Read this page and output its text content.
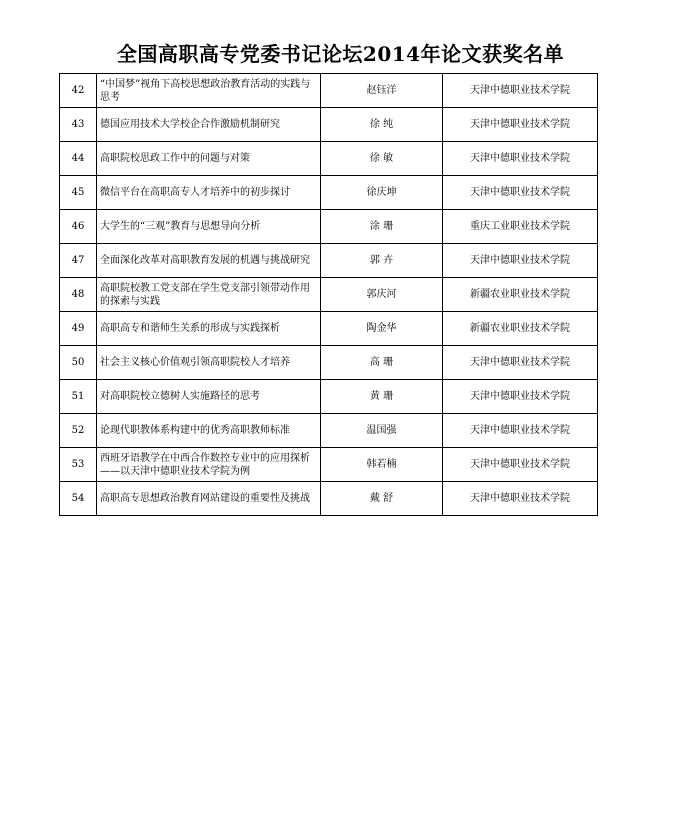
全国高职高专党委书记论坛2014年论文获奖名单
42	“中国梦”视角下高校思想政治教育活动的实践与思考	赵钰洋	天津中德职业技术学院
43	德国应用技术大学校企合作激励机制研究	徐 纯	天津中德职业技术学院
44	高职院校思政工作中的问题与对策	徐 敏	天津中德职业技术学院
45	微信平台在高职高专人才培养中的初步探讨	徐庆坤	天津中德职业技术学院
46	大学生的“三观”教育与思想导向分析	涂 珊	重庆工业职业技术学院
47	全面深化改革对高职教育发展的机遇与挑战研究	郭 卉	天津中德职业技术学院
48	高职院校教工党支部在学生党支部引领带动作用的探索与实践	郭庆河	新疆农业职业技术学院
49	高职高专和谐师生关系的形成与实践探析	陶金华	新疆农业职业技术学院
50	社会主义核心价值观引领高职院校人才培养	高 珊	天津中德职业技术学院
51	对高职院校立德树人实施路径的思考	黄 珊	天津中德职业技术学院
52	论现代职教体系构建中的优秀高职教师标准	温国强	天津中德职业技术学院
53	西班牙语教学在中西合作数控专业中的应用探析——以天津中德职业技术学院为例	韩若楠	天津中德职业技术学院
54	高职高专思想政治教育网站建设的重要性及挑战	戴 舒	天津中德职业技术学院
